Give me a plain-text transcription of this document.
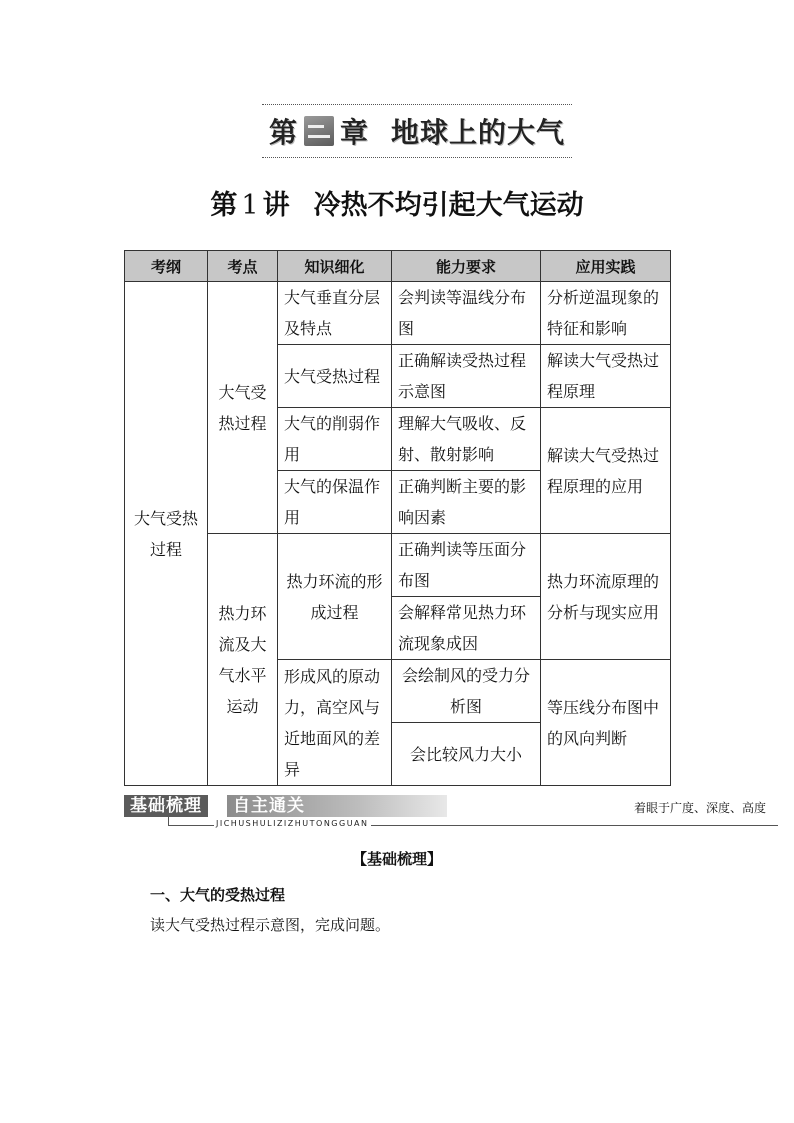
第 章 地球上的大气
第 1 讲 冷热不均引起大气运动
考纲	考点	知识细化	能力要求	应用实践
大气受热过程	大气受热过程	大气垂直分层及特点	会判读等温线分布图	分析逆温现象的特征和影响
		大气受热过程	正确解读受热过程示意图	解读大气受热过程原理
		大气的削弱作用	理解大气吸收、反射、散射影响	解读大气受热过程原理的应用
		大气的保温作用	正确判断主要的影响因素	
	热力环流及大气水平运动	热力环流的形成过程	正确判读等压面分布图	热力环流原理的分析与现实应用
			会解释常见热力环流现象成因	
		形成风的原动力，高空风与近地面风的差异	会绘制风的受力分析图	等压线分布图中的风向判断
			会比较风力大小	
基础梳理	自主通关
JICHUSHULIZIZHUTONGGUAN
着眼于广度、深度、高度
【基础梳理】
一、大气的受热过程
读大气受热过程示意图，完成问题。
